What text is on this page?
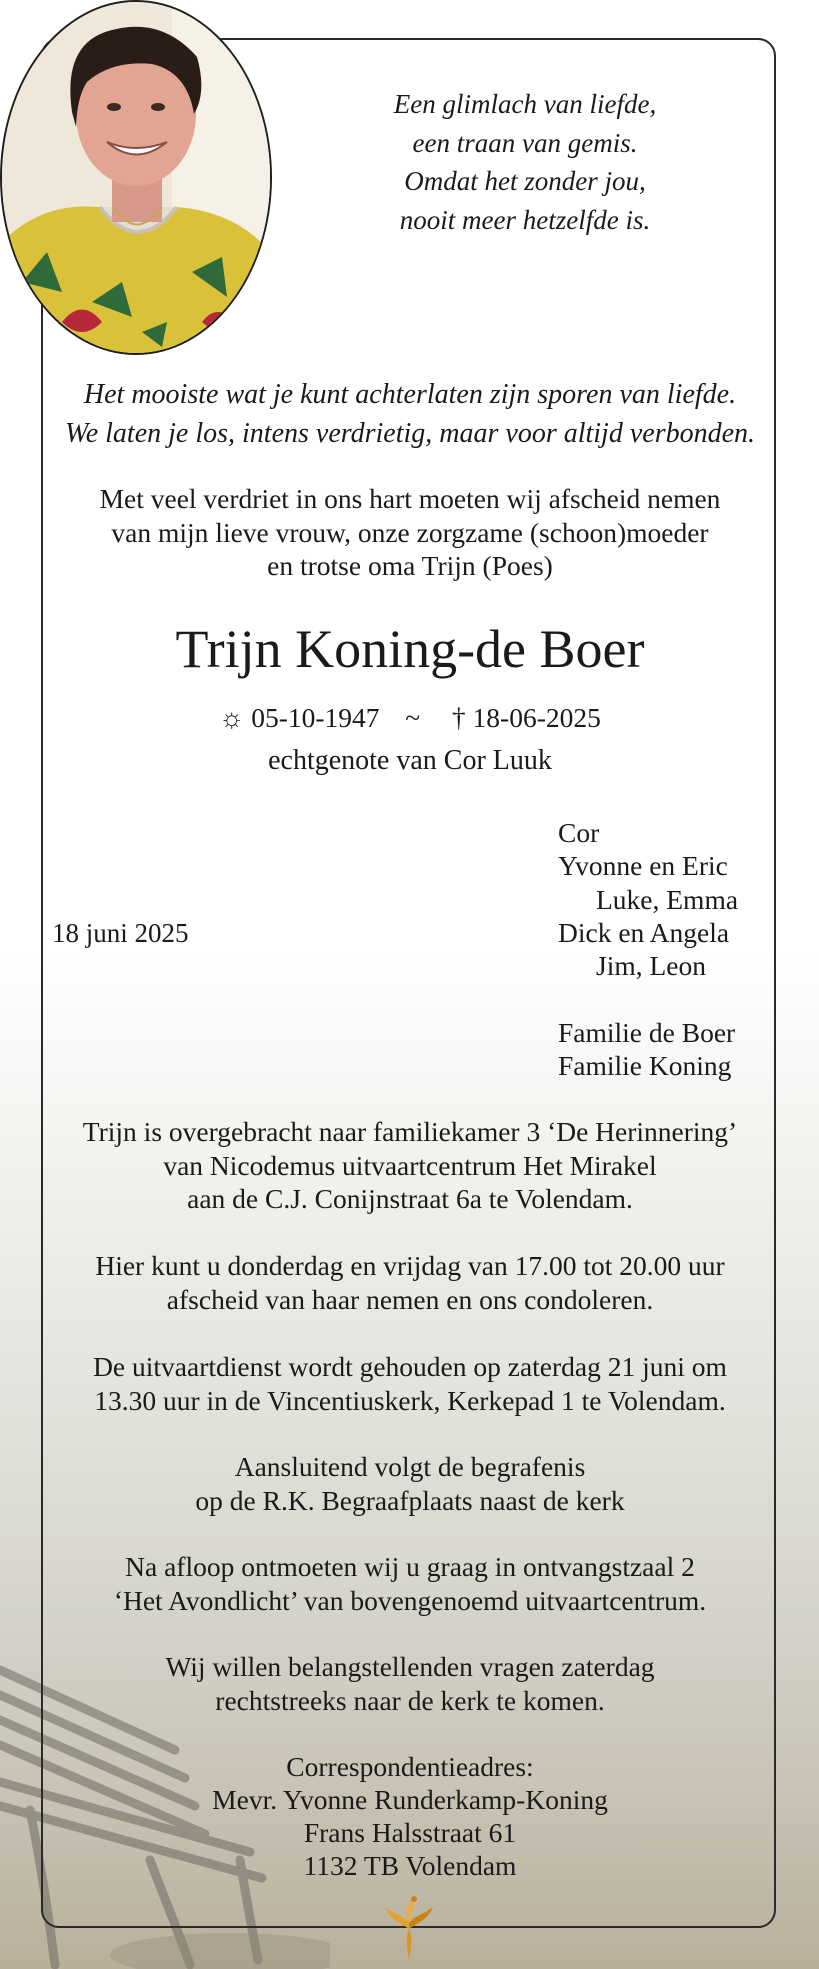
Een glimlach van liefde,
een traan van gemis.
Omdat het zonder jou,
nooit meer hetzelfde is.
Het mooiste wat je kunt achterlaten zijn sporen van liefde.
We laten je los, intens verdrietig, maar voor altijd verbonden.
Met veel verdriet in ons hart moeten wij afscheid nemen
van mijn lieve vrouw, onze zorgzame (schoon)moeder
en trotse oma Trijn (Poes)
Trijn Koning-de Boer
☼ 05-10-1947 ~ † 18-06-2025
echtgenote van Cor Luuk
18 juni 2025
Cor
Yvonne en Eric
Luke, Emma
Dick en Angela
Jim, Leon
Familie de Boer
Familie Koning
Trijn is overgebracht naar familiekamer 3 ‘De Herinnering’
van Nicodemus uitvaartcentrum Het Mirakel
aan de C.J. Conijnstraat 6a te Volendam.
Hier kunt u donderdag en vrijdag van 17.00 tot 20.00 uur
afscheid van haar nemen en ons condoleren.
De uitvaartdienst wordt gehouden op zaterdag 21 juni om
13.30 uur in de Vincentiuskerk, Kerkepad 1 te Volendam.
Aansluitend volgt de begrafenis
op de R.K. Begraafplaats naast de kerk
Na afloop ontmoeten wij u graag in ontvangstzaal 2
‘Het Avondlicht’ van bovengenoemd uitvaartcentrum.
Wij willen belangstellenden vragen zaterdag
rechtstreeks naar de kerk te komen.
Correspondentieadres:
Mevr. Yvonne Runderkamp-Koning
Frans Halsstraat 61
1132 TB Volendam
